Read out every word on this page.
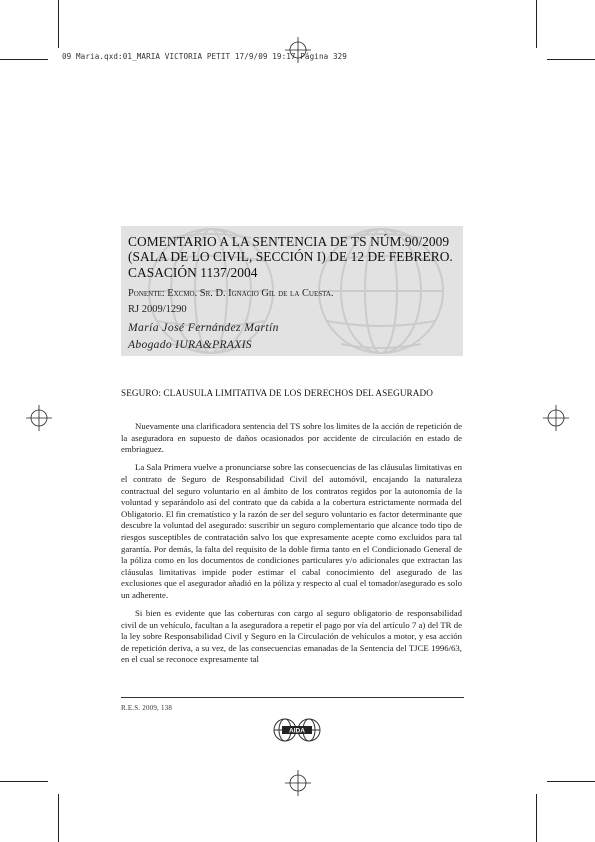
09 Maria.qxd:01_MARIA VICTORIA PETIT 17/9/09 19:17 Página 329
COMENTARIO A LA SENTENCIA DE TS NÚM.90/2009 (SALA DE LO CIVIL, SECCIÓN I) DE 12 DE FEBRERO. CASACIÓN 1137/2004
Ponente: Excmo. Sr. D. Ignacio Gil de la Cuesta.
RJ 2009/1290
María José Fernández Martín
Abogado IURA&PRAXIS
SEGURO: CLAUSULA LIMITATIVA DE LOS DERECHOS DEL ASEGURADO

Nuevamente una clarificadora sentencia del TS sobre los limites de la acción de repetición de la aseguradora en supuesto de daños ocasionados por accidente de circulación en estado de embriaguez.

La Sala Primera vuelve a pronunciarse sobre las consecuencias de las cláusulas limitativas en el contrato de Seguro de Responsabilidad Civil del automóvil, encajando la naturaleza contractual del seguro voluntario en al ámbito de los contratos regidos por la autonomía de la voluntad y separándolo así del contrato que da cabida a la cobertura estrictamente normada del Obligatorio. El fin crematístico y la razón de ser del seguro voluntario es factor determinante que descubre la voluntad del asegurado: suscribir un seguro complementario que alcance todo tipo de riesgos susceptibles de contratación salvo los que expresamente acepte como excluidos para tal garantía. Por demás, la falta del requisito de la doble firma tanto en el Condicionado General de la póliza como en los documentos de condiciones particulares y/o adicionales que extractan las cláusulas limitativas impide poder estimar el cabal conocimiento del asegurado de las exclusiones que el asegurador añadió en la póliza y respecto al cual el tomador/asegurado es solo un adherente.

Si bien es evidente que las coberturas con cargo al seguro obligatorio de responsabilidad civil de un vehículo, facultan a la aseguradora a repetir el pago por vía del artículo 7 a) del TR de la ley sobre Responsabilidad Civil y Seguro en la Circulación de vehículos a motor, y esa acción de repetición deriva, a su vez, de las consecuencias emanadas de la Sentencia del TJCE 1996/63, en el cual se reconoce expresamente tal

R.E.S. 2009, 138
AIDA
